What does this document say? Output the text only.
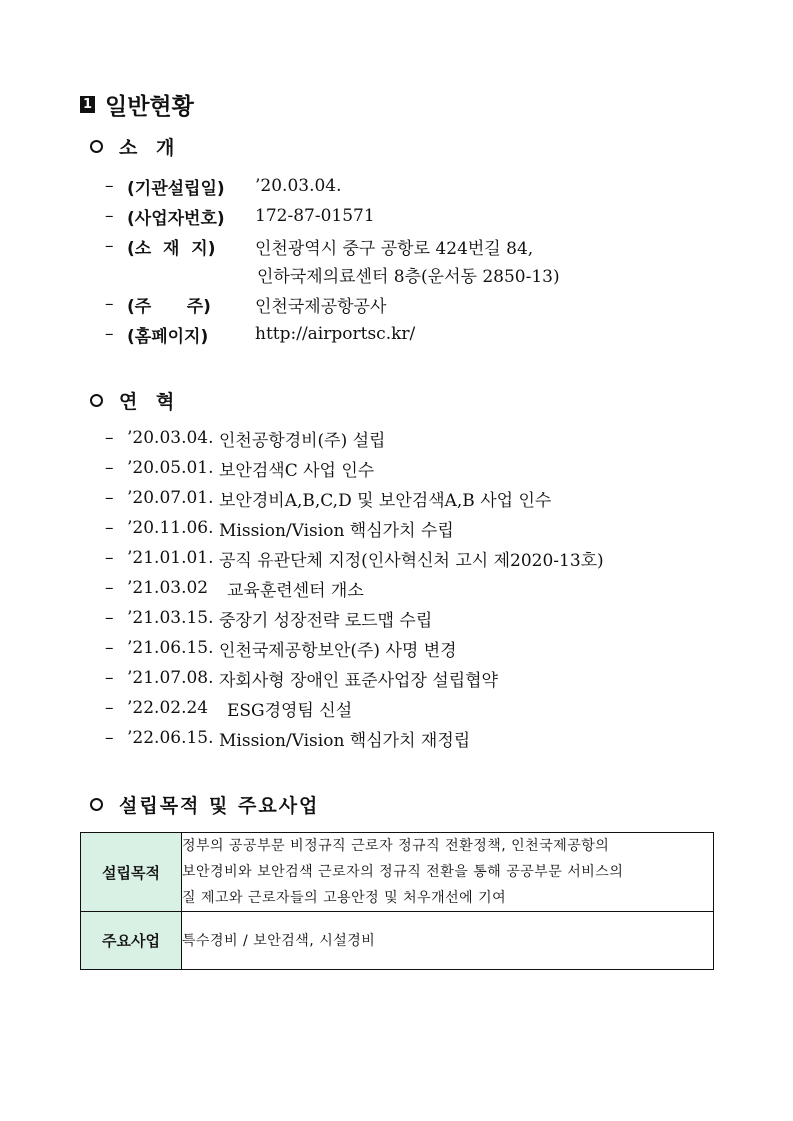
1 일반현황
소 개
– (기관설립일)	’20.03.04.
– (사업자번호)	172-87-01571
– (소  재  지)	인천광역시 중구 공항로 424번길 84,
인하국제의료센터 8층(운서동 2850-13)
– (주      주)	인천국제공항공사
– (홈페이지)	http://airportsc.kr/
연 혁
– ’20.03.04. 인천공항경비(주) 설립
– ’20.05.01. 보안검색C 사업 인수
– ’20.07.01. 보안경비A,B,C,D 및 보안검색A,B 사업 인수
– ’20.11.06. Mission/Vision 핵심가치 수립
– ’21.01.01. 공직 유관단체 지정(인사혁신처 고시 제2020-13호)
– ’21.03.02	교육훈련센터 개소
– ’21.03.15. 중장기 성장전략 로드맵 수립
– ’21.06.15. 인천국제공항보안(주) 사명 변경
– ’21.07.08. 자회사형 장애인 표준사업장 설립협약
– ’22.02.24	ESG경영팀 신설
– ’22.06.15. Mission/Vision 핵심가치 재정립
설립목적 및 주요사업
설립목적	정부의 공공부문 비정규직 근로자 정규직 전환정책, 인천국제공항의
보안경비와 보안검색 근로자의 정규직 전환을 통해 공공부문 서비스의
질 제고와 근로자들의 고용안정 및 처우개선에 기여

주요사업	특수경비 / 보안검색, 시설경비
